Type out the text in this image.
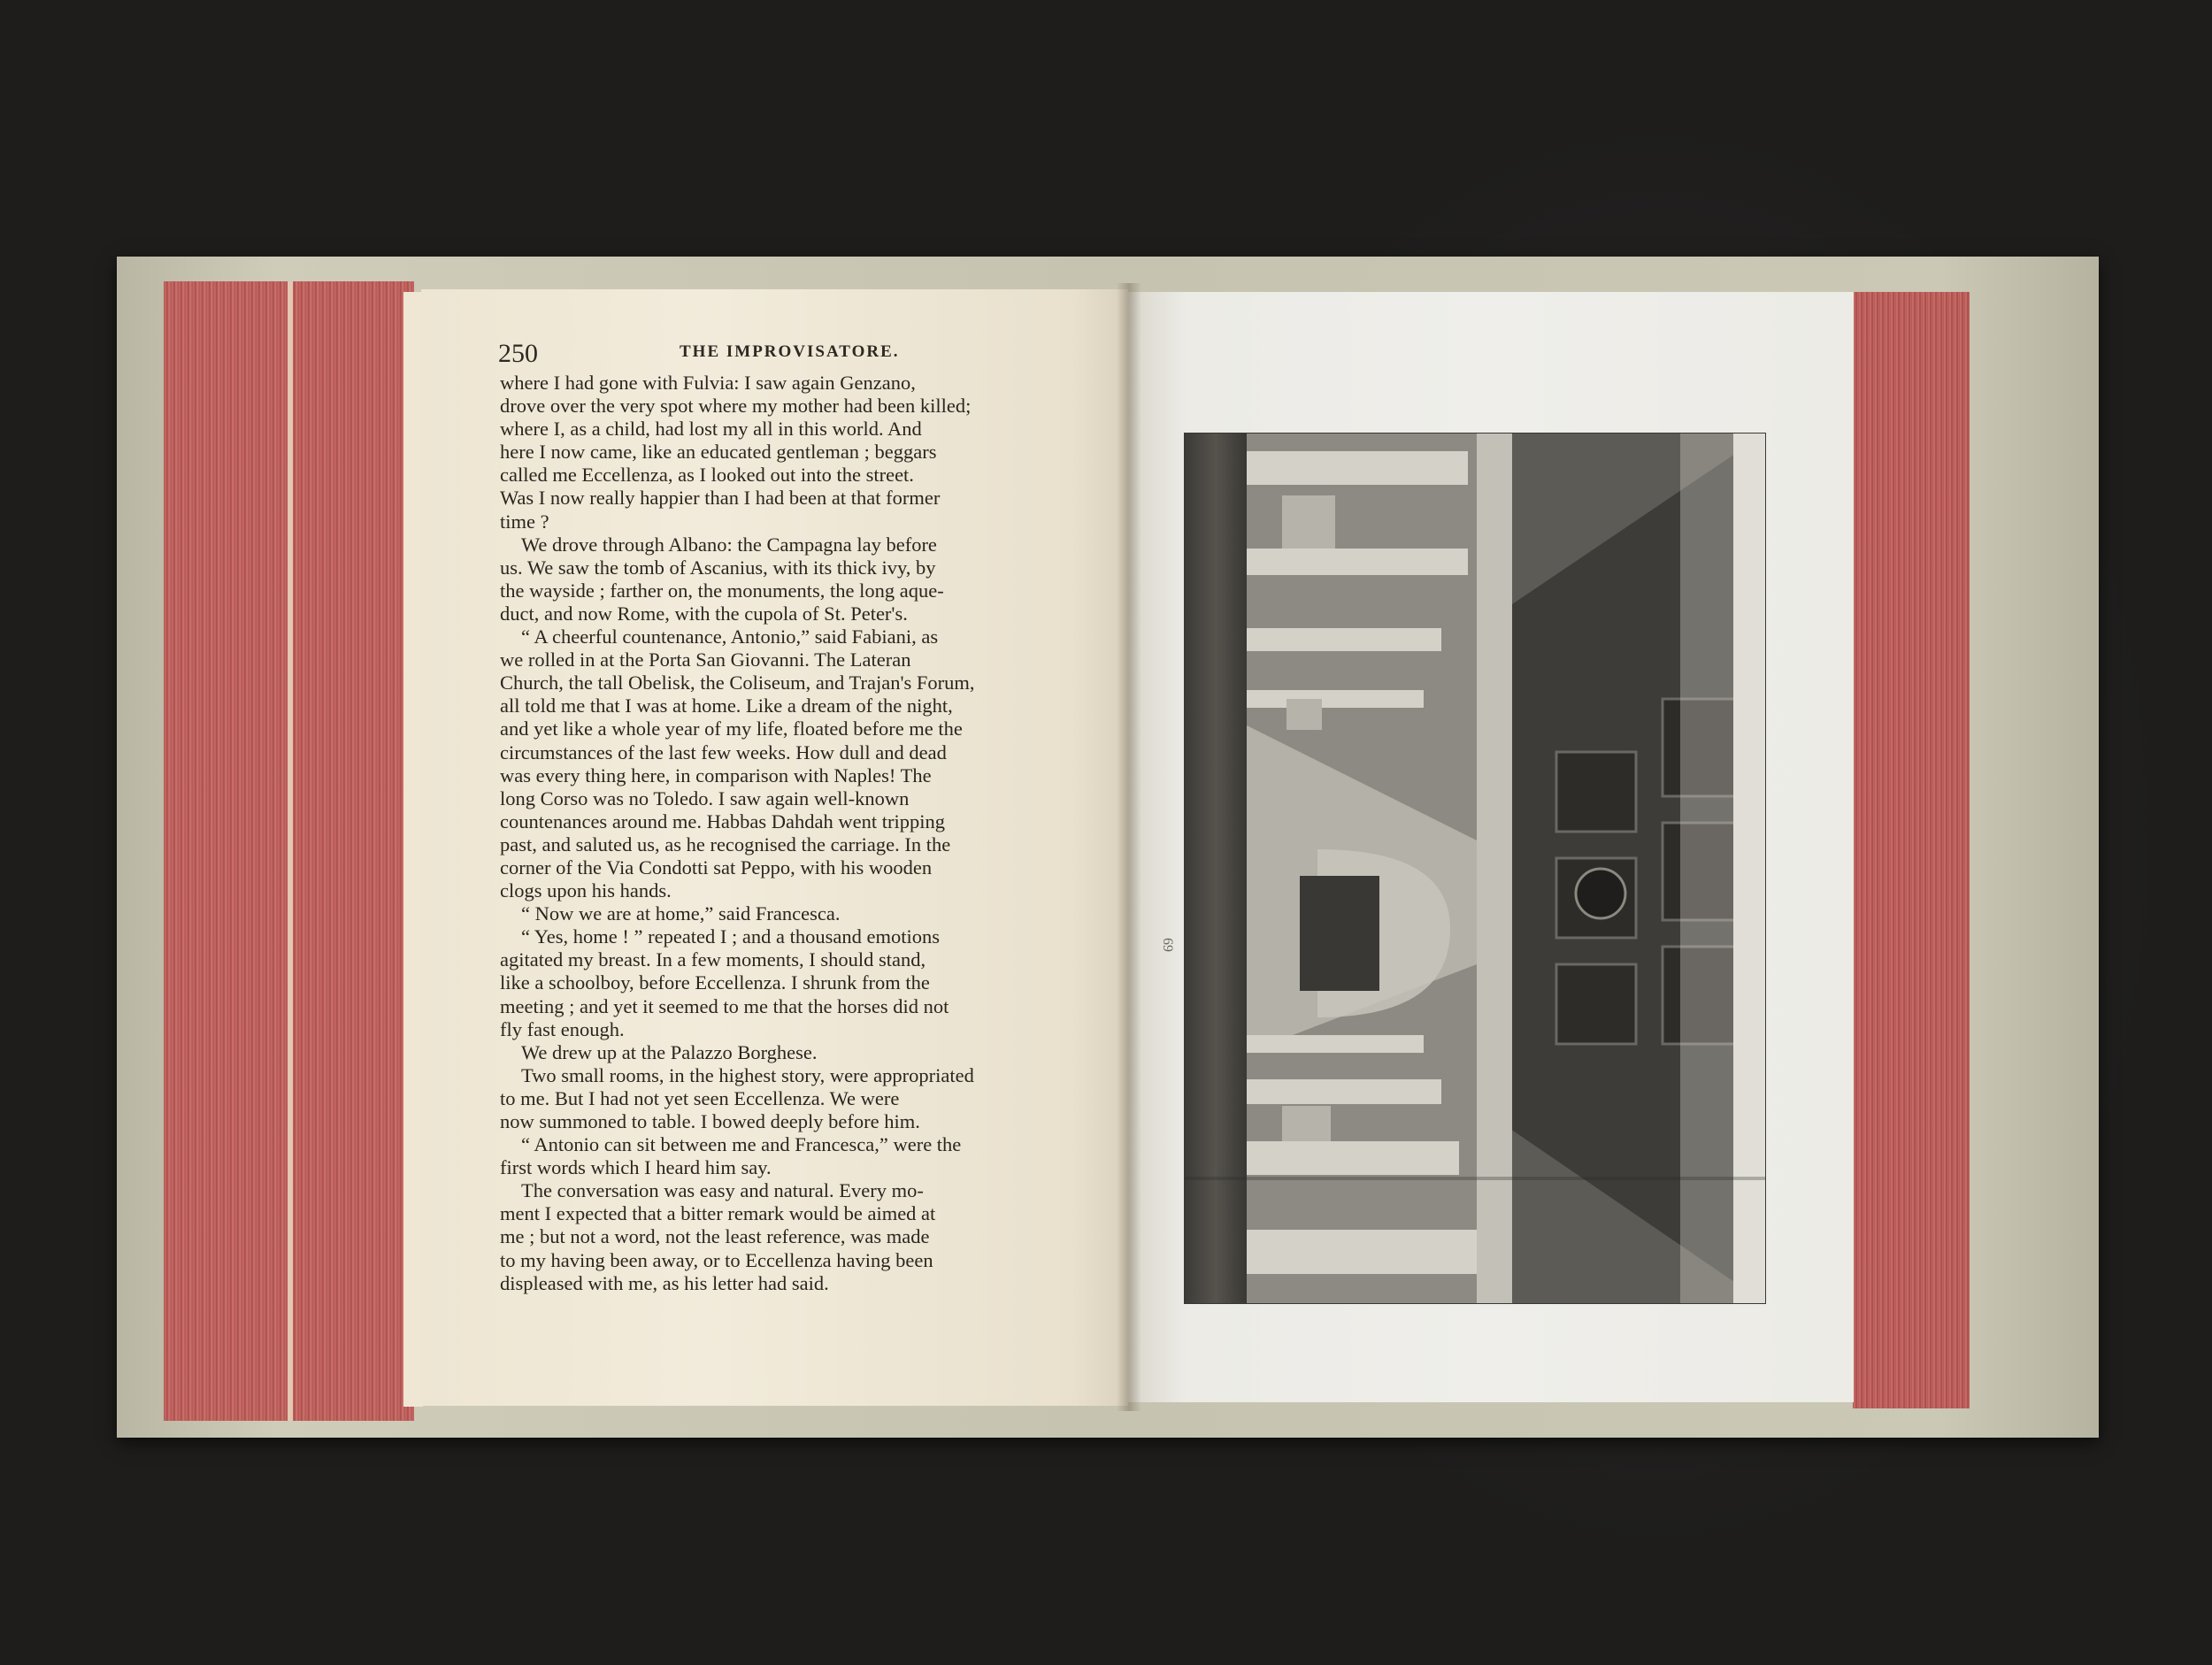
250	THE IMPROVISATORE.
where I had gone with Fulvia: I saw again Genzano,
drove over the very spot where my mother had been killed;
where I, as a child, had lost my all in this world. And
here I now came, like an educated gentleman ; beggars
called me Eccellenza, as I looked out into the street.
Was I now really happier than I had been at that former
time ?
We drove through Albano: the Campagna lay before
us. We saw the tomb of Ascanius, with its thick ivy, by
the wayside ; farther on, the monuments, the long aque-
duct, and now Rome, with the cupola of St. Peter's.
“ A cheerful countenance, Antonio,” said Fabiani, as
we rolled in at the Porta San Giovanni. The Lateran
Church, the tall Obelisk, the Coliseum, and Trajan's Forum,
all told me that I was at home. Like a dream of the night,
and yet like a whole year of my life, floated before me the
circumstances of the last few weeks. How dull and dead
was every thing here, in comparison with Naples! The
long Corso was no Toledo. I saw again well-known
countenances around me. Habbas Dahdah went tripping
past, and saluted us, as he recognised the carriage. In the
corner of the Via Condotti sat Peppo, with his wooden
clogs upon his hands.
“ Now we are at home,” said Francesca.
“ Yes, home ! ” repeated I ; and a thousand emotions
agitated my breast. In a few moments, I should stand,
like a schoolboy, before Eccellenza. I shrunk from the
meeting ; and yet it seemed to me that the horses did not
fly fast enough.
We drew up at the Palazzo Borghese.
Two small rooms, in the highest story, were appropriated
to me. But I had not yet seen Eccellenza. We were
now summoned to table. I bowed deeply before him.
“ Antonio can sit between me and Francesca,” were the
first words which I heard him say.
The conversation was easy and natural. Every mo-
ment I expected that a bitter remark would be aimed at
me ; but not a word, not the least reference, was made
to my having been away, or to Eccellenza having been
displeased with me, as his letter had said.
69
